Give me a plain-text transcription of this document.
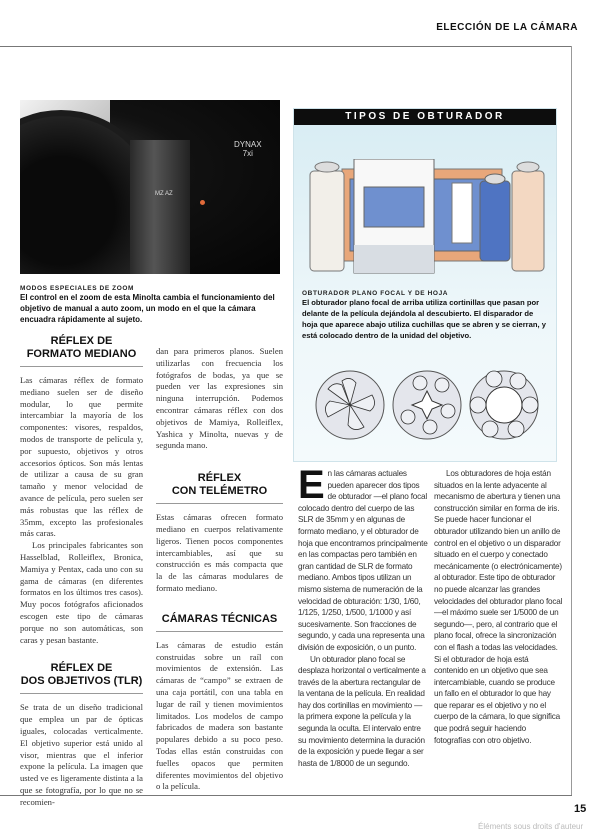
ELECCIÓN DE LA CÁMARA
DYNAX
7xi
MZ AZ
MODOS ESPECIALES DE ZOOM
El control en el zoom de esta Minolta cambia el funcionamiento del objetivo de manual a auto zoom, un modo en el que la cámara encuadra rápidamente al sujeto.
RÉFLEX DE
FORMATO MEDIANO

Las cámaras réflex de formato mediano suelen ser de diseño modular, lo que permite intercambiar la mayoría de los componentes: visores, respaldos, modos de transporte de película y, por supuesto, objetivos y otros accesorios ópticos. Son más lentas de utilizar a causa de su gran tamaño y menor velocidad de avance de película, pero suelen ser más robustas que las réflex de 35mm, excepto las profesionales más caras.

Los principales fabricantes son Hasselblad, Rolleiflex, Bronica, Mamiya y Pentax, cada uno con su gama de cámaras (en diferentes formatos en los últimos tres casos). Muy pocos fotógrafos aficionados escogen este tipo de cámaras porque no son automáticas, son caras y pesan bastante.

RÉFLEX DE
DOS OBJETIVOS (TLR)

Se trata de un diseño tradicional que emplea un par de ópticas iguales, colocadas verticalmente. El objetivo superior está unido al visor, mientras que el inferior expone la película. La imagen que usted ve es ligeramente distinta a la que se fotografía, por lo que no se recomien-

TIPOS DE OBTURADOR
OBTURADOR PLANO FOCAL Y DE HOJA
El obturador plano focal de arriba utiliza cortinillas que pasan por delante de la película dejándola al descubierto. El disparador de hoja que aparece abajo utiliza cuchillas que se abren y se cierran, y está colocado dentro de la unidad del objetivo.

dan para primeros planos. Suelen utilizarlas con frecuencia los fotógrafos de bodas, ya que se pueden ver las expresiones sin ninguna interrupción. Podemos encontrar cámaras réflex con dos objetivos de Mamiya, Rolleiflex, Yashica y Minolta, nuevas y de segunda mano.

RÉFLEX
CON TELÉMETRO

Estas cámaras ofrecen formato mediano en cuerpos relativamente ligeros. Tienen pocos componentes intercambiables, así que su construcción es más compacta que la de las cámaras modulares de formato mediano.

CÁMARAS TÉCNICAS

Las cámaras de estudio están construidas sobre un raíl con movimientos de extensión. Las cámaras de “campo” se extraen de una caja portátil, con una tabla en lugar de raíl y tienen movimientos limitados. Los modelos de campo fabricados de madera son bastante populares debido a su poco peso. Todas ellas están construidas con fuelles opacos que permiten diferentes movimientos del objetivo o la película.

E n las cámaras actuales pueden aparecer dos tipos de obturador —el plano focal colocado dentro del cuerpo de las SLR de 35mm y en algunas de formato mediano, y el obturador de hoja que encontramos principalmente en las compactas pero también en gran cantidad de SLR de formato mediano. Ambos tipos utilizan un mismo sistema de numeración de la velocidad de obturación: 1/30, 1/60, 1/125, 1/250, 1/500, 1/1000 y así sucesivamente. Son fracciones de segundo, y cada una representa una división de exposición, o un punto.

Un obturador plano focal se desplaza horizontal o verticalmente a través de la abertura rectangular de la ventana de la película. En realidad hay dos cortinillas en movimiento —la primera expone la película y la segunda la oculta. El intervalo entre su movimiento determina la duración de la exposición y puede llegar a ser hasta de 1/8000 de un segundo.

Los obturadores de hoja están situados en la lente adyacente al mecanismo de abertura y tienen una construcción similar en forma de iris. Se puede hacer funcionar el obturador utilizando bien un anillo de control en el objetivo o un disparador situado en el cuerpo y conectado mecánicamente (o electrónicamente) al obturador. Este tipo de obturador no puede alcanzar las grandes velocidades del obturador plano focal —el máximo suele ser 1/5000 de un segundo—, pero, al contrario que el plano focal, ofrece la sincronización con el flash a todas las velocidades. Si el obturador de hoja está contenido en un objetivo que sea intercambiable, cuando se produce un fallo en el obturador lo que hay que reparar es el objetivo y no el cuerpo de la cámara, lo que significa que podrá seguir haciendo fotografías con otro objetivo.

15
Éléments sous droits d'auteur
